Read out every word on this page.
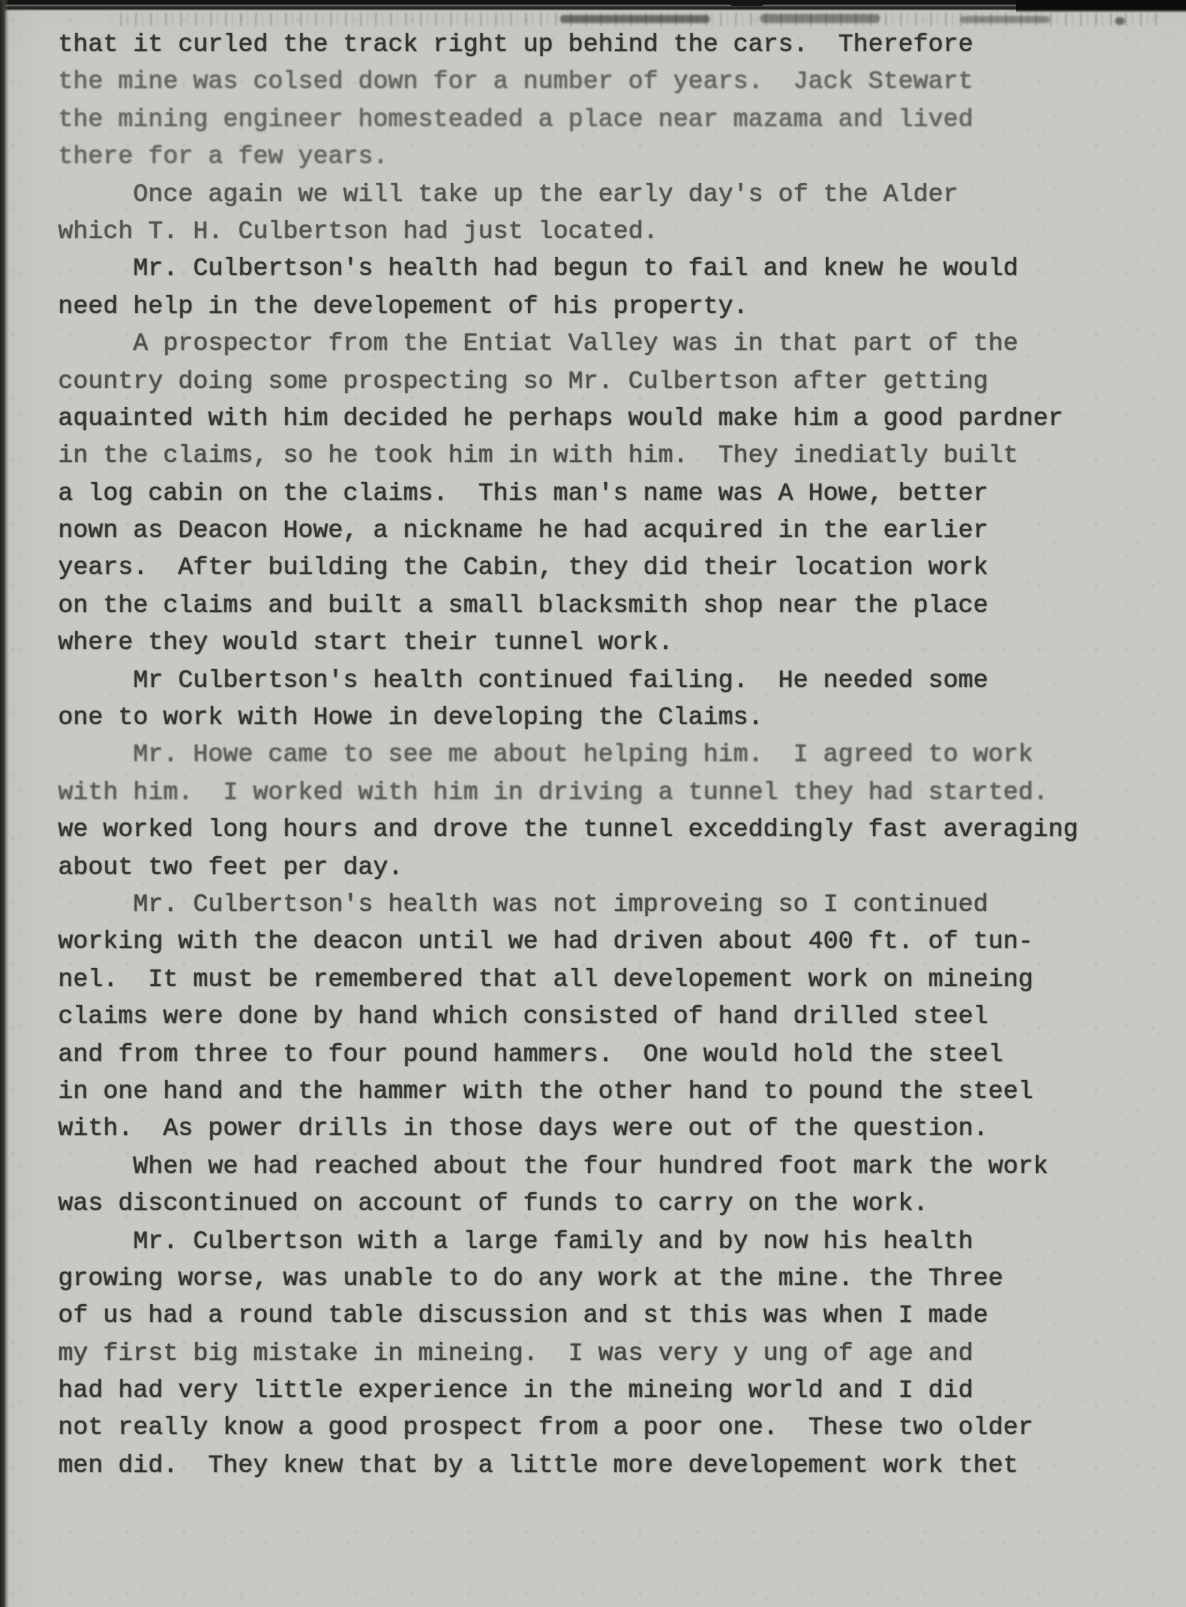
that it curled the track right up behind the cars.  Therefore
the mine was colsed down for a number of years.  Jack Stewart
the mining engineer homesteaded a place near mazama and lived
there for a few years.
Once again we will take up the early day's of the Alder
which T. H. Culbertson had just located.
Mr. Culbertson's health had begun to fail and knew he would
need help in the developement of his property.
A prospector from the Entiat Valley was in that part of the
country doing some prospecting so Mr. Culbertson after getting
aquainted with him decided he perhaps would make him a good pardner
in the claims, so he took him in with him.  They inediatly built
a log cabin on the claims.  This man's name was A Howe, better
nown as Deacon Howe, a nickname he had acquired in the earlier
years.  After building the Cabin, they did their location work
on the claims and built a small blacksmith shop near the place
where they would start their tunnel work.
Mr Culbertson's health continued failing.  He needed some
one to work with Howe in developing the Claims.
Mr. Howe came to see me about helping him.  I agreed to work
with him.  I worked with him in driving a tunnel they had started.
we worked long hours and drove the tunnel exceddingly fast averaging
about two feet per day.
Mr. Culbertson's health was not improveing so I continued
working with the deacon until we had driven about 400 ft. of tun-
nel.  It must be remembered that all developement work on mineing
claims were done by hand which consisted of hand drilled steel
and from three to four pound hammers.  One would hold the steel
in one hand and the hammer with the other hand to pound the steel
with.  As power drills in those days were out of the question.
When we had reached about the four hundred foot mark the work
was discontinued on account of funds to carry on the work.
Mr. Culbertson with a large family and by now his health
growing worse, was unable to do any work at the mine. the Three
of us had a round table discussion and st this was when I made
my first big mistake in mineing.  I was very y ung of age and
had had very little experience in the mineing world and I did
not really know a good prospect from a poor one.  These two older
men did.  They knew that by a little more developement work thet
